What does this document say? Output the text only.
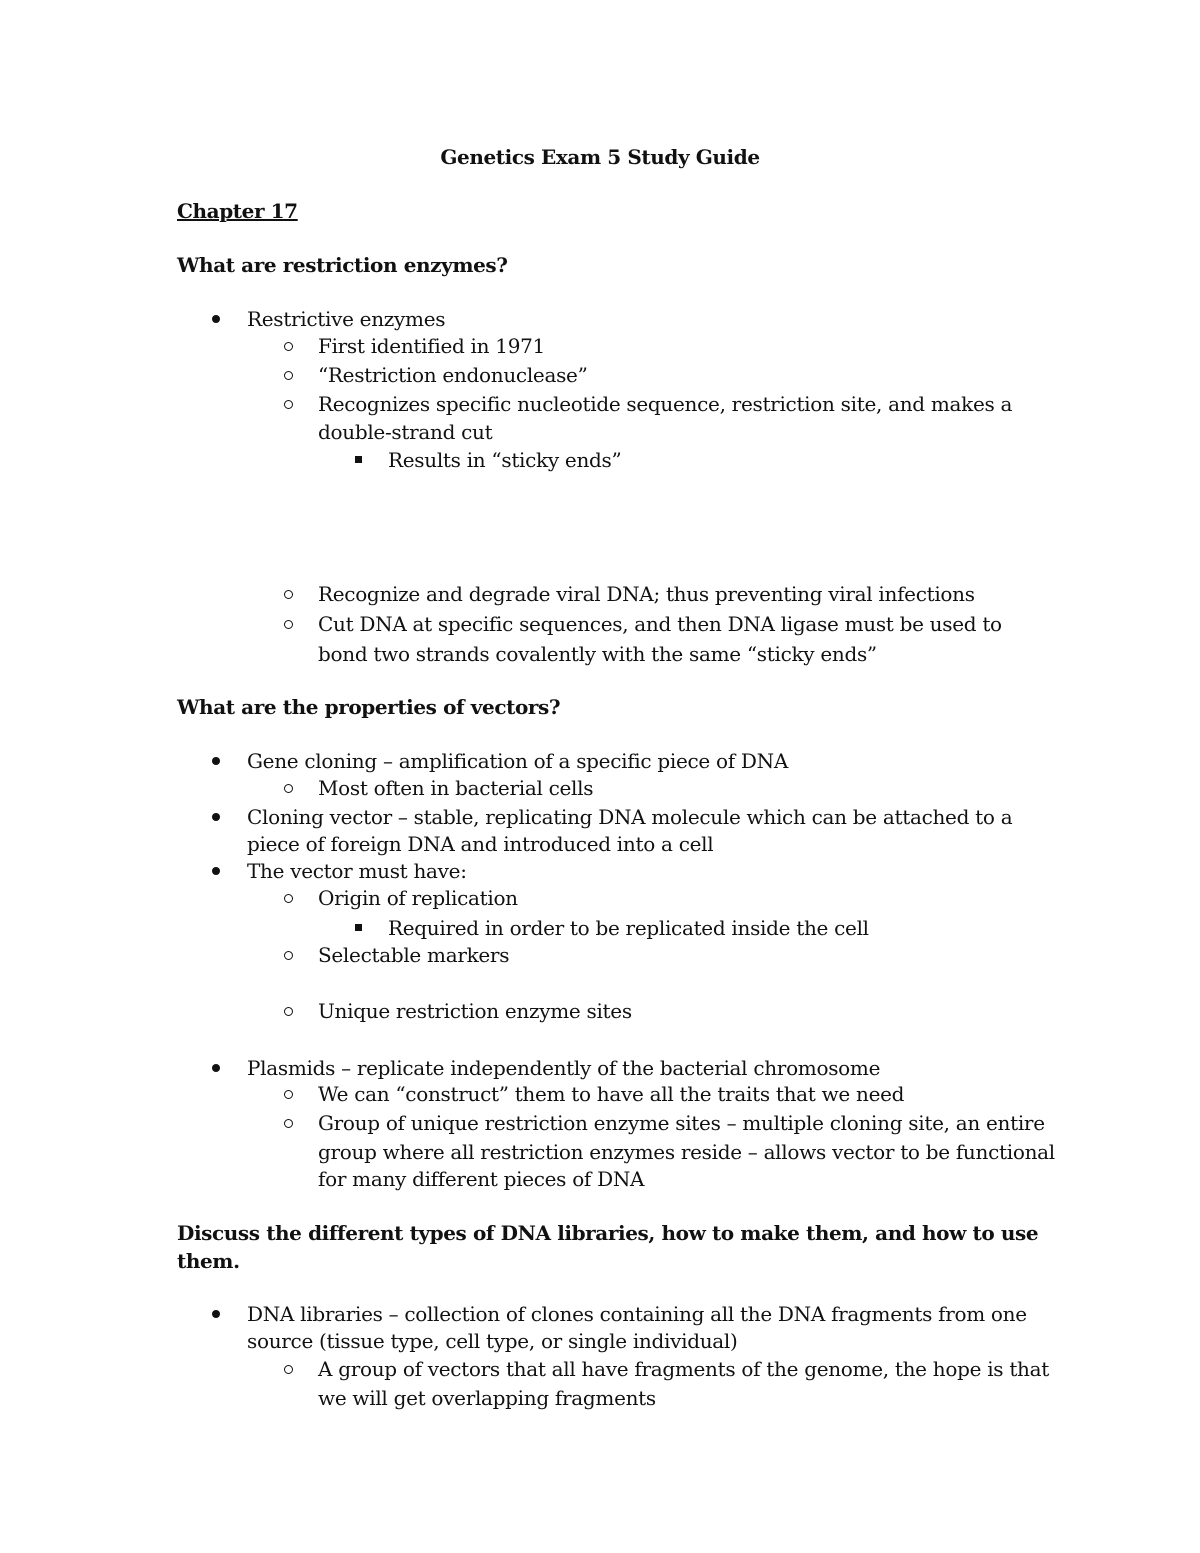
Genetics Exam 5 Study Guide
Chapter 17
What are restriction enzymes?
Restrictive enzymes
First identified in 1971
“Restriction endonuclease”
Recognizes specific nucleotide sequence, restriction site, and makes a
double-strand cut
Results in “sticky ends”
Recognize and degrade viral DNA; thus preventing viral infections
Cut DNA at specific sequences, and then DNA ligase must be used to
bond two strands covalently with the same “sticky ends”
What are the properties of vectors?
Gene cloning – amplification of a specific piece of DNA
Most often in bacterial cells
Cloning vector – stable, replicating DNA molecule which can be attached to a
piece of foreign DNA and introduced into a cell
The vector must have:
Origin of replication
Required in order to be replicated inside the cell
Selectable markers
Unique restriction enzyme sites
Plasmids – replicate independently of the bacterial chromosome
We can “construct” them to have all the traits that we need
Group of unique restriction enzyme sites – multiple cloning site, an entire
group where all restriction enzymes reside – allows vector to be functional
for many different pieces of DNA
Discuss the different types of DNA libraries, how to make them, and how to use
them.
DNA libraries – collection of clones containing all the DNA fragments from one
source (tissue type, cell type, or single individual)
A group of vectors that all have fragments of the genome, the hope is that
we will get overlapping fragments
